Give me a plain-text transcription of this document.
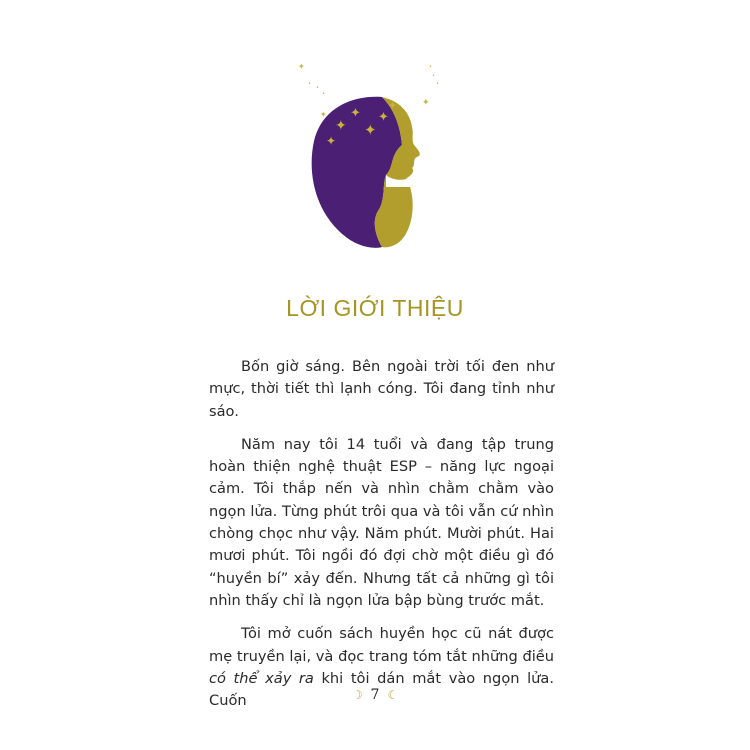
✦
✦
✦
✦
✦
✦
✦
✦
•
•
•
•
•
•
✦
LỜI GIỚI THIỆU

Bốn giờ sáng. Bên ngoài trời tối đen như mực, thời tiết thì lạnh cóng. Tôi đang tỉnh như sáo.

Năm nay tôi 14 tuổi và đang tập trung hoàn thiện nghệ thuật ESP – năng lực ngoại cảm. Tôi thắp nến và nhìn chằm chằm vào ngọn lửa. Từng phút trôi qua và tôi vẫn cứ nhìn chòng chọc như vậy. Năm phút. Mười phút. Hai mươi phút. Tôi ngồi đó đợi chờ một điều gì đó “huyền bí” xảy đến. Nhưng tất cả những gì tôi nhìn thấy chỉ là ngọn lửa bập bùng trước mắt.

Tôi mở cuốn sách huyền học cũ nát được mẹ truyền lại, và đọc trang tóm tắt những điều có thể xảy ra khi tôi dán mắt vào ngọn lửa. Cuốn	☾ 7 ☾
